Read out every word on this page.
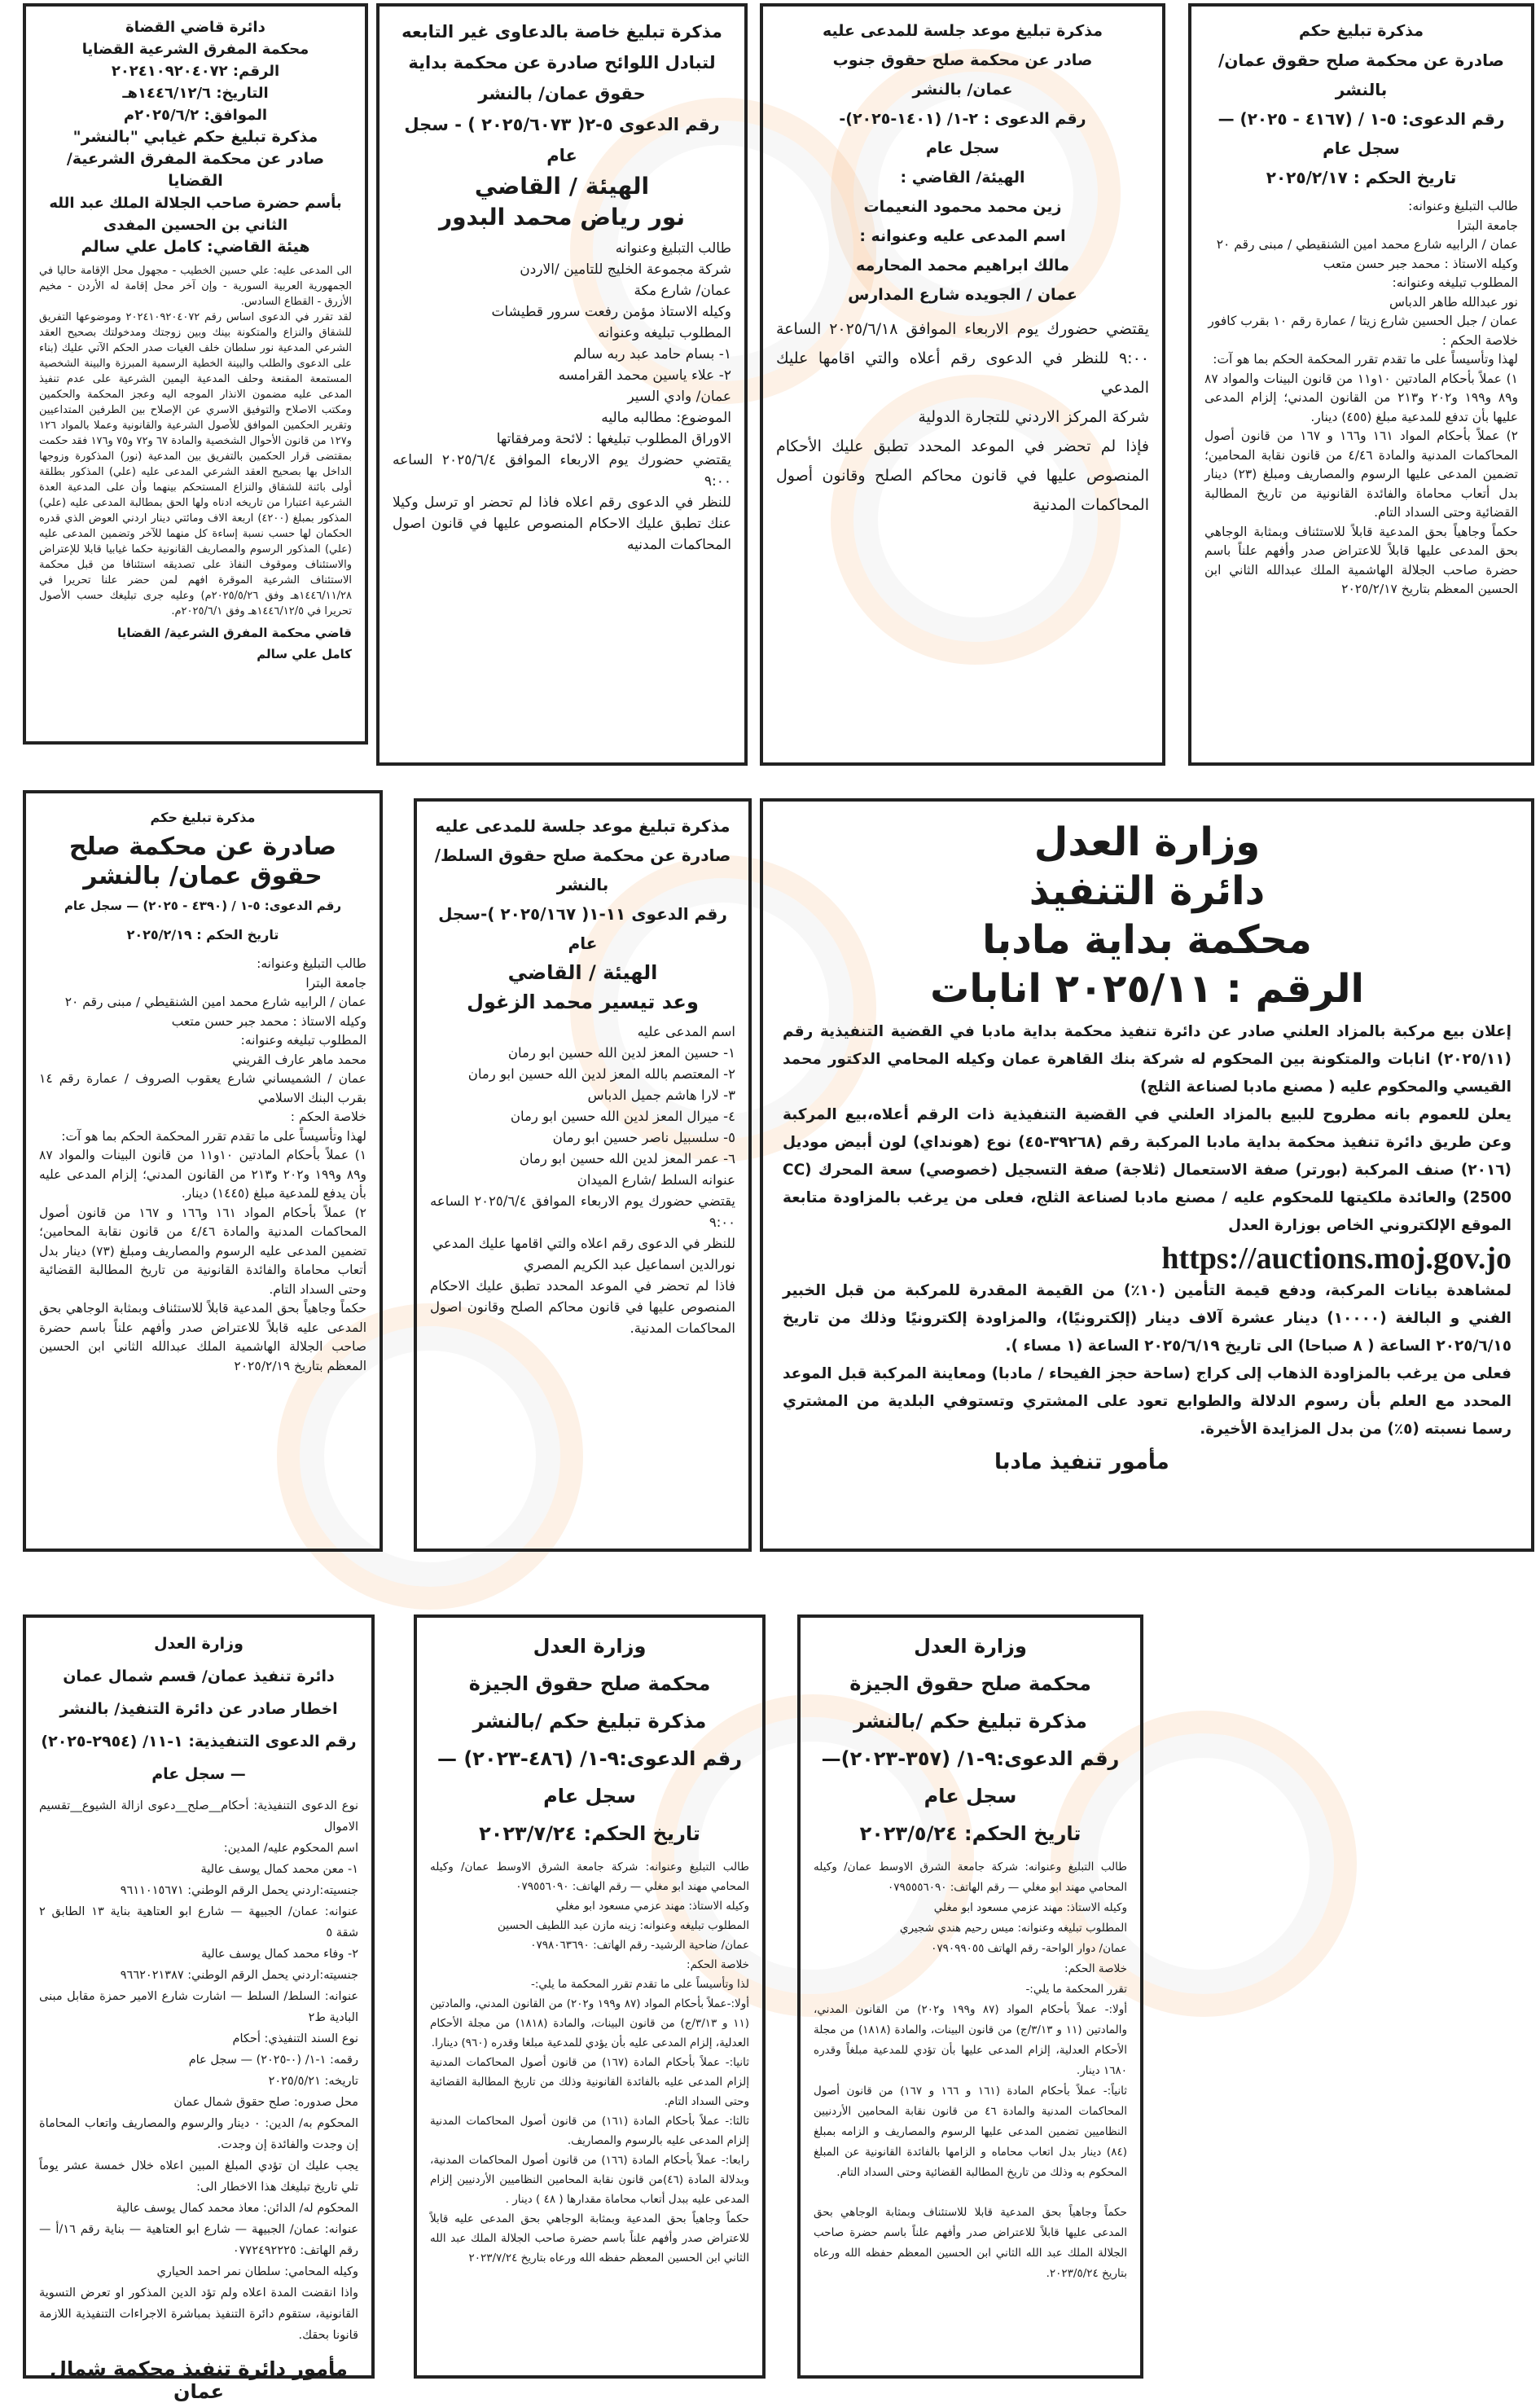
مذكرة تبليغ حكم
صادرة عن محكمة صلح حقوق عمان/بالنشر
رقم الدعوى: ٥-١ / (٤١٦٧ - ٢٠٢٥) —
سجل عام
تاريخ الحكم : ٢٠٢٥/٢/١٧
طالب التبليغ وعنوانه:
جامعة البترا
عمان / الرابيه شارع محمد امين الشنقيطي / مبنى رقم ٢٠
وكيله الاستاذ : محمد جبر حسن متعب
المطلوب تبليغه وعنوانه:
نور عبدالله طاهر الدباس
عمان / جبل الحسين شارع زيتا / عمارة رقم ١٠ بقرب كافور
خلاصة الحكم :
لهذا وتأسيساً على ما تقدم تقرر المحكمة الحكم بما هو آت:
١) عملاً بأحكام المادتين ١٠و١١ من قانون البينات والمواد ٨٧ و٨٩ و١٩٩ و٢٠٢ و٢١٣ من القانون المدني؛ إلزام المدعى عليها بأن تدفع للمدعية مبلغ (٤٥٥) دينار.
٢) عملاً بأحكام المواد ١٦١ و١٦٦ و ١٦٧ من قانون أصول المحاكمات المدنية والمادة ٤/٤٦ من قانون نقابة المحامين؛ تضمين المدعى عليها الرسوم والمصاريف ومبلغ (٢٣) دينار بدل أتعاب محاماة والفائدة القانونية من تاريخ المطالبة القضائية وحتى السداد التام.
حكماً وجاهياً بحق المدعية قابلاً للاستئناف وبمثابة الوجاهي بحق المدعى عليها قابلاً للاعتراض صدر وأفهم علناً باسم حضرة صاحب الجلالة الهاشمية الملك عبدالله الثاني ابن الحسين المعظم بتاريخ ٢٠٢٥/٢/١٧
مذكرة تبليغ موعد جلسة للمدعى عليه
صادر عن محكمة صلح حقوق جنوب
عمان/ بالنشر
رقم الدعوى : ٢-١/ (١٤٠١-٢٠٢٥)-
سجل عام
الهيئة/ القاضي :
زين محمد محمود النعيمات
اسم المدعى عليه وعنوانه :
مالك ابراهيم محمد المحارمه
عمان / الجويده شارع المدارس
يقتضي حضورك يوم الاربعاء الموافق ٢٠٢٥/٦/١٨ الساعة ٩:٠٠ للنظر في الدعوى رقم أعلاه والتي اقامها عليك المدعي
شركة المركز الاردني للتجارة الدولية
فإذا لم تحضر في الموعد المحدد تطبق عليك الأحكام المنصوص عليها في قانون محاكم الصلح وقانون أصول المحاكمات المدنية
مذكرة تبليغ خاصة بالدعاوى غير التابعه لتبادل اللوائح صادرة عن محكمة بداية حقوق عمان/ بالنشر
رقم الدعوى ٥-٢( ٢٠٢٥/٦٠٧٣ ) - سجل عام
الهيئة / القاضي
نور رياض محمد البدور
طالب التبليغ وعنوانه
شركة مجموعة الخليج للتامين /الاردن
عمان/ شارع مكة
وكيله الاستاذ مؤمن رفعت سرور قطيشات
المطلوب تبليغه وعنوانه
١- بسام حامد عبد ربه سالم
٢- علاء ياسين محمد القرامسه
عمان/ وادي السير
الموضوع: مطالبه ماليه
الاوراق المطلوب تبليغها : لائحة ومرفقاتها
يقتضي حضورك يوم الاربعاء الموافق ٢٠٢٥/٦/٤ الساعه ٩:٠٠
للنظر في الدعوى رقم اعلاه فاذا لم تحضر او ترسل وكيلا عنك تطبق عليك الاحكام المنصوص عليها في قانون اصول المحاكمات المدنيه
دائرة قاضي القضاة
محكمة المفرق الشرعية القضايا
الرقم: ٢٠٢٤١٠٩٢٠٤٠٧٢
التاريخ: ١٤٤٦/١٢/٦هـ
الموافق: ٢٠٢٥/٦/٢م
مذكرة تبليغ حكم غيابي "بالنشر"
صادر عن محكمة المفرق الشرعية/ القضايا
بأسم حضرة صاحب الجلالة الملك عبد الله الثاني بن الحسين المفدى
هيئة القاضي: كامل علي سالم
الى المدعى عليه: علي حسين الخطيب - مجهول محل الإقامة حاليا في الجمهورية العربية السورية - وإن آخر محل إقامة له الأردن - مخيم الأزرق - القطاع السادس.
لقد تقرر في الدعوى اساس رقم ٢٠٢٤١٠٩٢٠٤٠٧٢ وموضوعها التفريق للشقاق والنزاع والمتكونة بينك وبين زوجتك ومدخولتك بصحيح العقد الشرعي المدعية نور سلطان خلف الغيات صدر الحكم الآتي عليك (بناء على الدعوى والطلب والبينة الخطية الرسمية المبرزة والبينة الشخصية المستمعة المقنعة وحلف المدعية اليمين الشرعية على عدم تنفيذ المدعى عليه مضمون الانذار الموجه اليه وعجز المحكمة والحكمين ومكتب الاصلاح والتوفيق الاسري عن الإصلاح بين الطرفين المتداعيين وتقرير الحكمين الموافق للأصول الشرعية والقانونية وعملا بالمواد ١٢٦ و١٢٧ من قانون الأحوال الشخصية والمادة ٦٧ و٧٢ و٧٥ و١٧٦ فقد حكمت بمقتضى قرار الحكمين بالتفريق بين المدعية (نور) المذكورة وزوجها الداخل بها بصحيح العقد الشرعي المدعى عليه (علي) المذكور بطلقة أولى بائنة للشقاق والنزاع المستحكم بينهما وأن على المدعية العدة الشرعية اعتبارا من تاريخه ادناه ولها الحق بمطالبة المدعى عليه (علي) المذكور بمبلغ (٤٢٠٠) اربعة الاف ومائتي دينار اردني العوض الذي قدره الحكمان لها حسب نسبة إساءة كل منهما للآخر وتضمين المدعى عليه (علي) المذكور الرسوم والمصاريف القانونية حكما غيابيا قابلا للإعتراض والاستئناف وموقوف النفاذ على تصديقه استئنافا من قبل محكمة الاستئناف الشرعية الموقرة افهم لمن حضر علنا تحريرا في ١٤٤٦/١١/٢٨هـ وفق ٢٠٢٥/٥/٢٦م) وعليه جرى تبليغك حسب الأصول تحريرا في ١٤٤٦/١٢/٥هـ وفق ٢٠٢٥/٦/١م.
قاضي محكمة المفرق الشرعية/ القضايا
كامل علي سالم
وزارة العدل
دائرة التنفيذ
محكمة بداية مادبا
الرقم : ٢٠٢٥/١١ انابات
إعلان بيع مركبة بالمزاد العلني صادر عن دائرة تنفيذ محكمة بداية مادبا في القضية التنفيذية رقم (٢٠٢٥/١١) انابات والمتكونة بين المحكوم له شركة بنك القاهرة عمان وكيله المحامي الدكتور محمد القيسي والمحكوم عليه ( مصنع مادبا لصناعة الثلج)
يعلن للعموم بانه مطروح للبيع بالمزاد العلني في القضية التنفيذية ذات الرقم أعلاه،بيع المركبة وعن طريق دائرة تنفيذ محكمة بداية مادبا المركبة رقم (٣٩٢٦٨-٤٥) نوع (هونداي) لون أبيض موديل (٢٠١٦) صنف المركبة (بورتر) صفة الاستعمال (ثلاجة) صفة التسجيل (خصوصي) سعة المحرك (CC 2500) والعائدة ملكيتها للمحكوم عليه / مصنع مادبا لصناعة الثلج، فعلى من يرغب بالمزاودة متابعة الموقع الإلكتروني الخاص بوزارة العدل
https://auctions.moj.gov.jo
لمشاهدة بيانات المركبة، ودفع قيمة التأمين (١٠٪) من القيمة المقدرة للمركبة من قبل الخبير الفني و البالغة (١٠٠٠٠) دينار عشرة آلاف دينار (إلكترونيًا)، والمزاودة إلكترونيًا وذلك من تاريخ ٢٠٢٥/٦/١٥ الساعة ( ٨ صباحا) الى تاريخ ٢٠٢٥/٦/١٩ الساعة (١ مساء ).
فعلى من يرغب بالمزاودة الذهاب إلى كراج (ساحة حجز الفيحاء / مادبا) ومعاينة المركبة قبل الموعد المحدد مع العلم بأن رسوم الدلالة والطوابع تعود على المشتري وتستوفي البلدية من المشتري رسما نسبته (٥٪) من بدل المزايدة الأخيرة.
مأمور تنفيذ مادبا
مذكرة تبليغ موعد جلسة للمدعى عليه صادرة عن محكمة صلح حقوق السلط/ بالنشر
رقم الدعوى ١١-١( ٢٠٢٥/١٦٧ )-سجل عام
الهيئة / القاضي
وعد تيسير محمد الزغول
اسم المدعى عليه
١- حسين المعز لدين الله حسين ابو رمان
٢- المعتصم بالله المعز لدين الله حسين ابو رمان
٣- لارا هاشم جميل الدباس
٤- ميرال المعز لدين الله حسين ابو رمان
٥- سلسبيل ناصر حسين ابو رمان
٦- عمر المعز لدين الله حسين ابو رمان
عنوانه السلط /شارع الميدان
يقتضي حضورك يوم الاربعاء الموافق ٢٠٢٥/٦/٤ الساعه ٩:٠٠
للنظر في الدعوى رقم اعلاه والتي اقامها عليك المدعي
نورالدين اسماعيل عبد الكريم المصري
فاذا لم تحضر في الموعد المحدد تطبق عليك الاحكام المنصوص عليها في قانون محاكم الصلح وقانون اصول المحاكمات المدنية.
مذكرة تبليغ حكم
صادرة عن محكمة صلح حقوق عمان/ بالنشر
رقم الدعوى: ٥-١ / (٤٣٩٠ - ٢٠٢٥) — سجل عام
تاريخ الحكم : ٢٠٢٥/٢/١٩
طالب التبليغ وعنوانه:
جامعة البترا
عمان / الرابيه شارع محمد امين الشنقيطي / مبنى رقم ٢٠
وكيله الاستاذ : محمد جبر حسن متعب
المطلوب تبليغه وعنوانه:
محمد ماهر عارف القريني
عمان / الشميساني شارع يعقوب الصروف / عمارة رقم ١٤ بقرب البنك الاسلامي
خلاصة الحكم :
لهذا وتأسيساً على ما تقدم تقرر المحكمة الحكم بما هو آت:
١) عملاً بأحكام المادتين ١٠و١١ من قانون البينات والمواد ٨٧ و٨٩ و١٩٩ و٢٠٢ و٢١٣ من القانون المدني؛ إلزام المدعى عليه بأن يدفع للمدعية مبلغ (١٤٤٥) دينار.
٢) عملاً بأحكام المواد ١٦١ و١٦٦ و ١٦٧ من قانون أصول المحاكمات المدنية والمادة ٤/٤٦ من قانون نقابة المحامين؛ تضمين المدعى عليه الرسوم والمصاريف ومبلغ (٧٣) دينار بدل أتعاب محاماة والفائدة القانونية من تاريخ المطالبة القضائية وحتى السداد التام.
حكماً وجاهياً بحق المدعية قابلاً للاستئناف وبمثابة الوجاهي بحق المدعى عليه قابلاً للاعتراض صدر وأفهم علناً باسم حضرة صاحب الجلالة الهاشمية الملك عبدالله الثاني ابن الحسين المعظم بتاريخ ٢٠٢٥/٢/١٩
وزارة العدل
محكمة صلح حقوق الجيزة
مذكرة تبليغ حكم /بالنشر
رقم الدعوى:٩-١/ (٣٥٧-٢٠٢٣)—
سجل عام
تاريخ الحكم: ٢٠٢٣/٥/٢٤
طالب التبليغ وعنوانه: شركة جامعة الشرق الاوسط عمان/ وكيله المحامي مهند ابو مغلي — رقم الهاتف: ٠٧٩٥٥٥٦٠٩٠
وكيله الاستاذ: مهند عزمي مسعود ابو مغلي
المطلوب تبليغه وعنوانه: ميس رحيم هندي شجيري
عمان/ دوار الواحة- رقم الهاتف ٠٧٩٠٩٩٠٥٥
خلاصة الحكم:
تقرر المحكمة ما يلي:-
أولا:- عملاً بأحكام المواد (٨٧ و١٩٩ و٢٠٢) من القانون المدني، والمادتين (١١ و ٣/١٣/ج) من قانون البينات، والمادة (١٨١٨) من مجلة الأحكام العدلية، إلزام المدعى عليها بأن تؤدي للمدعية مبلغاً وقدره ١٦٨٠ دينار.
ثانياً:- عملاً بأحكام المادة (١٦١ و ١٦٦ و ١٦٧) من قانون أصول المحاكمات المدنية والمادة ٤٦ من قانون نقابة المحامين الأردنيين النظاميين تضمين المدعى عليها الرسوم والمصاريف و الزامه بمبلغ (٨٤) دينار بدل اتعاب محاماه و الزامها بالفائدة القانونية عن المبلغ المحكوم به وذلك من تاريخ المطالبة القضائية وحتى السداد التام.
حكماً وجاهياً بحق المدعية قابلا للاستئناف وبمثابة الوجاهي بحق المدعى عليها قابلاً للاعتراض صدر وأفهم علناً باسم حضرة صاحب الجلالة الملك عبد الله الثاني ابن الحسين المعظم حفظه الله ورعاه بتاريخ ٢٠٢٣/٥/٢٤.
وزارة العدل
محكمة صلح حقوق الجيزة
مذكرة تبليغ حكم /بالنشر
رقم الدعوى:٩-١/ (٤٨٦-٢٠٢٣) —
سجل عام
تاريخ الحكم: ٢٠٢٣/٧/٢٤
طالب التبليغ وعنوانه: شركة جامعة الشرق الاوسط عمان/ وكيله المحامي مهند ابو مغلي — رقم الهاتف: ٠٧٩٥٥٦٠٩٠
وكيله الاستاذ: مهند عزمي مسعود ابو مغلي
المطلوب تبليغه وعنوانه: زينه مازن عبد اللطيف الحسين
عمان/ ضاحية الرشيد- رقم الهاتف: ٠٧٩٨٠٦٣٦٩٠
خلاصة الحكم:
لذا وتأسيساً على ما تقدم تقرر المحكمة ما يلي:-
أولا:-عملاً بأحكام المواد (٨٧ و١٩٩ و٢٠٢) من القانون المدني، والمادتين (١١ و ٣/١٣/ج) من قانون البينات، والمادة (١٨١٨) من مجلة الأحكام العدلية، إلزام المدعى عليه بأن يؤدي للمدعية مبلغا وقدره (٩٦٠) دينارا.
ثانيا:- عملاً بأحكام المادة (١٦٧) من قانون أصول المحاكمات المدنية إلزام المدعى عليه بالفائدة القانونية وذلك من تاريخ المطالبة القضائية وحتى السداد التام.
ثالثا:- عملاً بأحكام المادة (١٦١) من قانون أصول المحاكمات المدنية إلزام المدعى عليه بالرسوم والمصاريف.
رابعا:- عملاً بأحكام المادة (١٦٦) من قانون أصول المحاكمات المدنية، وبدلالة المادة (٤٦)من قانون نقابة المحامين النظاميين الأردنيين إلزام المدعى عليه ببدل أتعاب محاماة مقدارها ( ٤٨ ) دينار .
حكماً وجاهياً بحق المدعية وبمثابة الوجاهي بحق المدعى عليه قابلاً للاعتراض صدر وأفهم علناً باسم حضرة صاحب الجلالة الملك عبد الله الثاني ابن الحسين المعظم حفظه الله ورعاه بتاريخ ٢٠٢٣/٧/٢٤
وزارة العدل
دائرة تنفيذ عمان/ قسم شمال عمان
اخطار صادر عن دائرة التنفيذ/ بالنشر
رقم الدعوى التنفيذية: ١-١١/ (٢٩٥٤-٢٠٢٥)
— سجل عام
نوع الدعوى التنفيذية: أحكام__صلح__دعوى ازالة الشيوع__تقسيم الاموال
اسم المحكوم عليه/ المدين:
١- معن محمد كمال يوسف عالية
جنسيته:اردني يحمل الرقم الوطني: ٩٦١١٠١٥٦٧١
عنوانه: عمان/ الجبيهة — شارع ابو العتاهية بناية ١٣ الطابق ٢ شقة ٥
٢- وفاء محمد كمال يوسف عالية
جنسيته:اردني يحمل الرقم الوطني: ٩٦٦٢٠٢١٣٨٧
عنوانه: السلط/ السلط — اشارت شارع الامير حمزة مقابل مبنى البادية ط٢
نوع السند التنفيذي: أحكام
رقمه: ١-١/ (٠-٢٠٢٥) — سجل عام
تاريخه: ٢٠٢٥/٥/٢١
محل صدوره: صلح حقوق شمال عمان
المحكوم به/ الدين: ٠ دينار والرسوم والمصاريف واتعاب المحاماة إن وجدت والفائدة إن وجدت.
يجب عليك ان تؤدي المبلغ المبين اعلاه خلال خمسة عشر يوماً تلي تاريخ تبليغك هذا الاخطار الى:
المحكوم له/ الدائن: معاذ محمد كمال يوسف عالية
عنوانه: عمان/ الجبيهة — شارع ابو العتاهية — بناية رقم ١٦/أ — رقم الهاتف: ٠٧٧٢٤٩٢٢٢٥
وكيله المحامي: سلطان نمر احمد الحياري
واذا انقضت المدة اعلاه ولم تؤد الدين المذكور او تعرض التسوية القانونية، ستقوم دائرة التنفيذ بمباشرة الاجراءات التنفيذية اللازمة قانونا بحقك.
مأمور دائرة تنفيذ محكمة شمال عمان
